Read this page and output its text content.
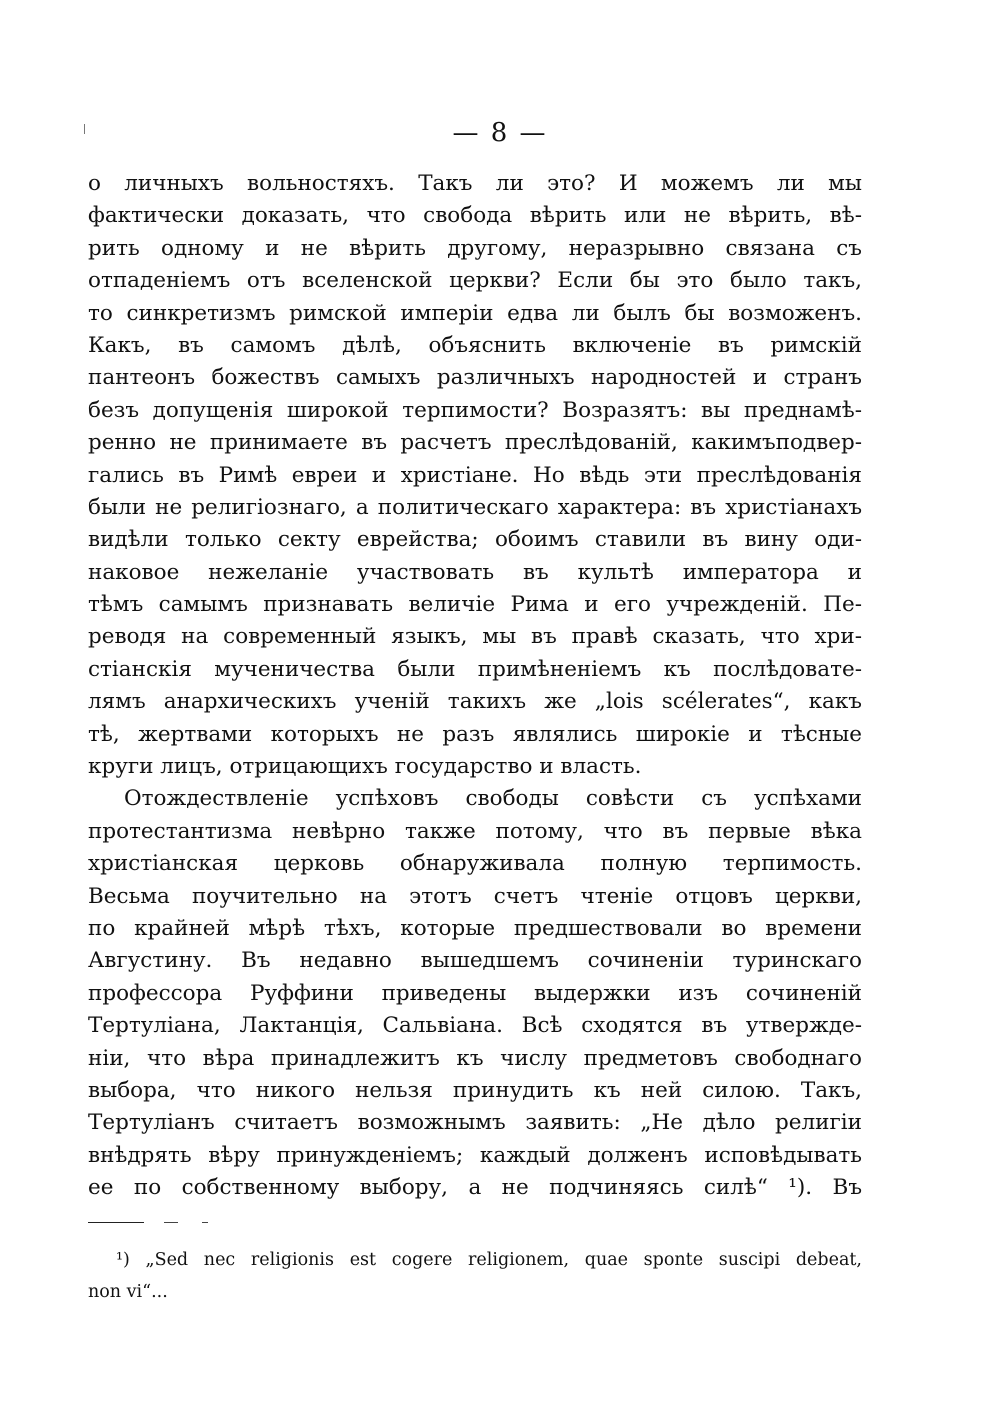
— 8 —
о личныхъ вольностяхъ. Такъ ли это? И можемъ ли мы
фактически доказать, что свобода вѣрить или не вѣрить, вѣ-
рить одному и не вѣрить другому, неразрывно связана съ
отпаденіемъ отъ вселенской церкви? Если бы это было такъ,
то синкретизмъ римской имперіи едва ли былъ бы возможенъ.
Какъ, въ самомъ дѣлѣ, объяснить включеніе въ римскій
пантеонъ божествъ самыхъ различныхъ народностей и странъ
безъ допущенія широкой терпимости? Возразятъ: вы преднамѣ-
ренно не принимаете въ расчетъ преслѣдованій, какимъподвер-
гались въ Римѣ евреи и христіане. Но вѣдь эти преслѣдованія
были не религіознаго, а политическаго характера: въ христіанахъ
видѣли только секту еврейства; обоимъ ставили въ вину оди-
наковое нежеланіе участвовать въ культѣ императора и
тѣмъ самымъ признавать величіе Рима и его учрежденій. Пе-
реводя на современный языкъ, мы въ правѣ сказать, что хри-
стіанскія мученичества были примѣненіемъ къ послѣдовате-
лямъ анархическихъ ученій такихъ же „lois scélerates“, какъ
тѣ, жертвами которыхъ не разъ являлись широкіе и тѣсные
круги лицъ, отрицающихъ государство и власть.
Отождествленіе успѣховъ свободы совѣсти съ успѣхами
протестантизма невѣрно также потому, что въ первые вѣка
христіанская церковь обнаруживала полную терпимость.
Весьма поучительно на этотъ счетъ чтеніе отцовъ церкви,
по крайней мѣрѣ тѣхъ, которые предшествовали во времени
Августину. Въ недавно вышедшемъ сочиненіи туринскаго
профессора Руффини приведены выдержки изъ сочиненій
Тертуліана, Лактанція, Сальвіана. Всѣ сходятся въ утвержде-
ніи, что вѣра принадлежитъ къ числу предметовъ свободнаго
выбора, что никого нельзя принудить къ ней силою. Такъ,
Тертуліанъ считаетъ возможнымъ заявить: „Не дѣло религіи
внѣдрять вѣру принужденіемъ; каждый долженъ исповѣдывать
ее по собственному выбору, а не подчиняясь силѣ“ ¹). Въ
¹) „Sed nec religionis est cogere religionem, quae sponte suscipi debeat,
non vi“...
